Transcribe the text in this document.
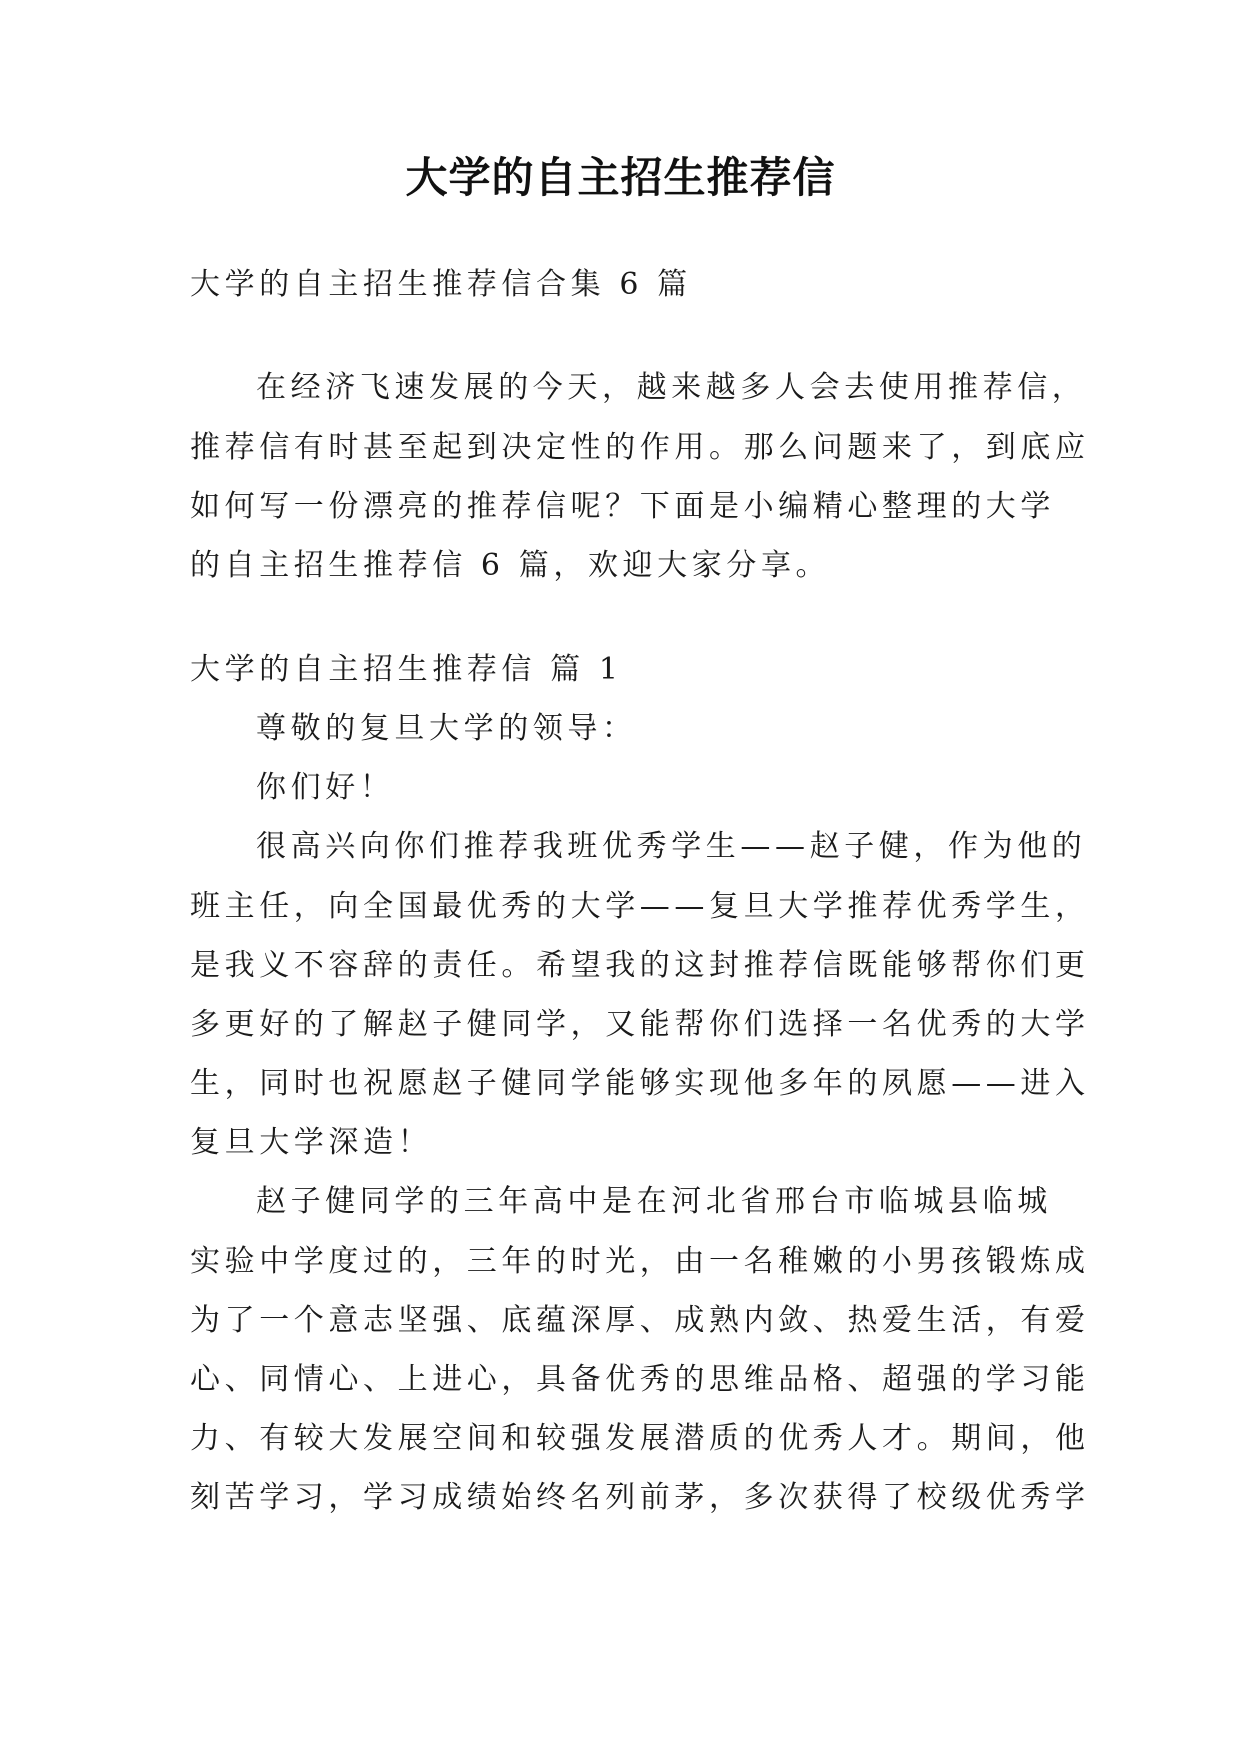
大学的自主招生推荐信
大学的自主招生推荐信合集 6 篇
在经济飞速发展的今天，越来越多人会去使用推荐信，
推荐信有时甚至起到决定性的作用。那么问题来了，到底应
如何写一份漂亮的推荐信呢？下面是小编精心整理的大学
的自主招生推荐信 6 篇，欢迎大家分享。
大学的自主招生推荐信 篇 1
尊敬的复旦大学的领导：
你们好！
很高兴向你们推荐我班优秀学生——赵子健，作为他的
班主任，向全国最优秀的大学——复旦大学推荐优秀学生，
是我义不容辞的责任。希望我的这封推荐信既能够帮你们更
多更好的了解赵子健同学，又能帮你们选择一名优秀的大学
生，同时也祝愿赵子健同学能够实现他多年的夙愿——进入
复旦大学深造！
赵子健同学的三年高中是在河北省邢台市临城县临城
实验中学度过的，三年的时光，由一名稚嫩的小男孩锻炼成
为了一个意志坚强、底蕴深厚、成熟内敛、热爱生活，有爱
心、同情心、上进心，具备优秀的思维品格、超强的学习能
力、有较大发展空间和较强发展潜质的优秀人才。期间，他
刻苦学习，学习成绩始终名列前茅，多次获得了校级优秀学
